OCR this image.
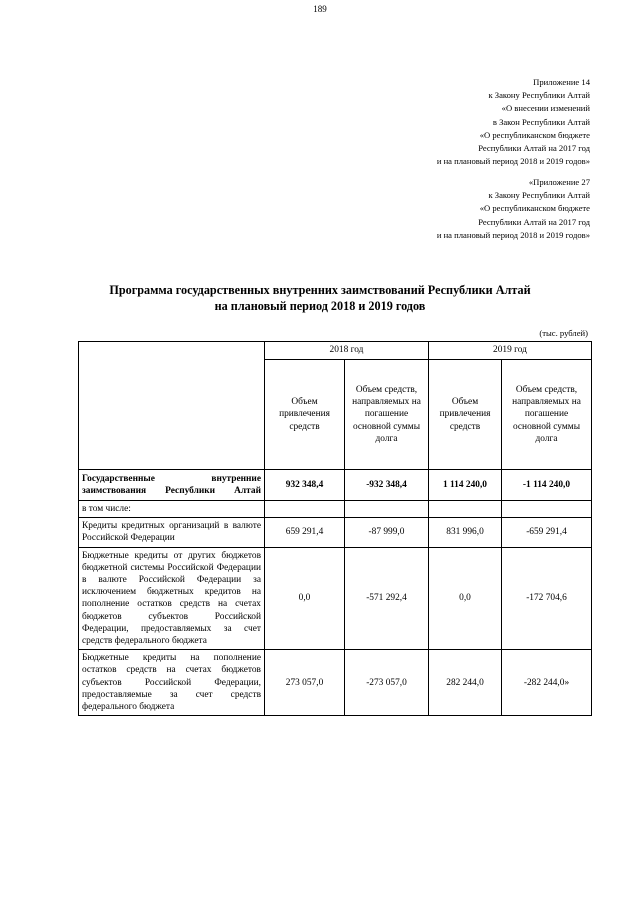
189
Приложение 14
к Закону Республики Алтай
«О внесении изменений
в Закон Республики Алтай
«О республиканском бюджете
Республики Алтай на 2017 год
и на плановый период 2018 и 2019 годов»
«Приложение 27
к Закону Республики Алтай
«О республиканском бюджете
Республики Алтай на 2017 год
и на плановый период 2018 и 2019 годов»
Программа государственных внутренних заимствований Республики Алтай
на плановый период 2018 и 2019 годов
(тыс. рублей)
	2018 год		2019 год	
	Объем привлечения средств	Объем средств, направляемых на погашение основной суммы долга	Объем привлечения средств	Объем средств, направляемых на погашение основной суммы долга
Государственные внутренние заимствования Республики Алтай	932 348,4	-932 348,4	1 114 240,0	-1 114 240,0
в том числе:				
Кредиты кредитных организаций в валюте Российской Федерации	659 291,4	-87 999,0	831 996,0	-659 291,4
Бюджетные кредиты от других бюджетов бюджетной системы Российской Федерации в валюте Российской Федерации за исключением бюджетных кредитов на пополнение остатков средств на счетах бюджетов субъектов Российской Федерации, предоставляемых за счет средств федерального бюджета	0,0	-571 292,4	0,0	-172 704,6
Бюджетные кредиты на пополнение остатков средств на счетах бюджетов субъектов Российской Федерации, предоставляемые за счет средств федерального бюджета	273 057,0	-273 057,0	282 244,0	-282 244,0»
